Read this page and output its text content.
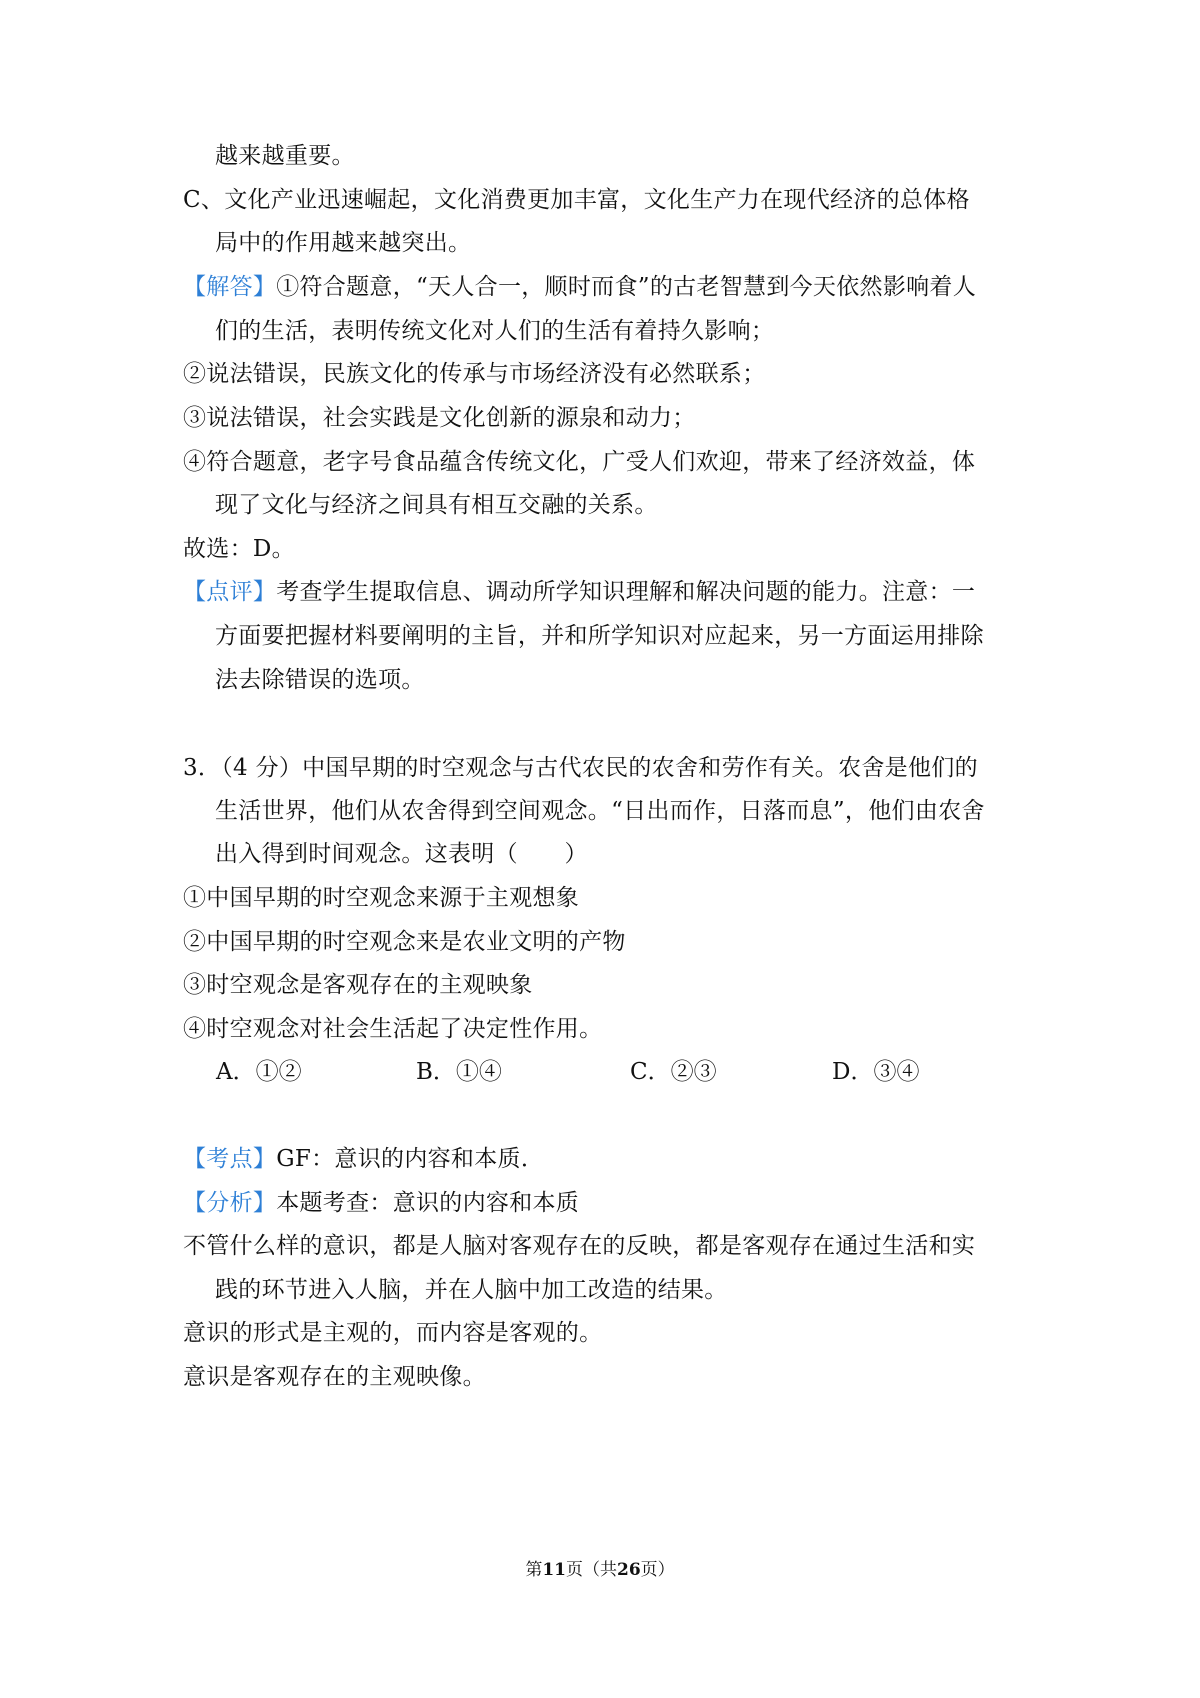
越来越重要。
C、文化产业迅速崛起，文化消费更加丰富，文化生产力在现代经济的总体格
局中的作用越来越突出。
【解答】①符合题意，“天人合一，顺时而食”的古老智慧到今天依然影响着人
们的生活，表明传统文化对人们的生活有着持久影响；
②说法错误，民族文化的传承与市场经济没有必然联系；
③说法错误，社会实践是文化创新的源泉和动力；
④符合题意，老字号食品蕴含传统文化，广受人们欢迎，带来了经济效益，体
现了文化与经济之间具有相互交融的关系。
故选：D。
【点评】考查学生提取信息、调动所学知识理解和解决问题的能力。注意：一
方面要把握材料要阐明的主旨，并和所学知识对应起来，另一方面运用排除
法去除错误的选项。
3．（4 分）中国早期的时空观念与古代农民的农舍和劳作有关。农舍是他们的
生活世界，他们从农舍得到空间观念。“日出而作，日落而息”，他们由农舍
出入得到时间观念。这表明（　　）
①中国早期的时空观念来源于主观想象
②中国早期的时空观念来是农业文明的产物
③时空观念是客观存在的主观映象
④时空观念对社会生活起了决定性作用。
A．①②	B．①④	C．②③	D．③④
【考点】GF：意识的内容和本质．
【分析】本题考查：意识的内容和本质
不管什么样的意识，都是人脑对客观存在的反映，都是客观存在通过生活和实
践的环节进入人脑，并在人脑中加工改造的结果。
意识的形式是主观的，而内容是客观的。
意识是客观存在的主观映像。
第11页（共26页）
